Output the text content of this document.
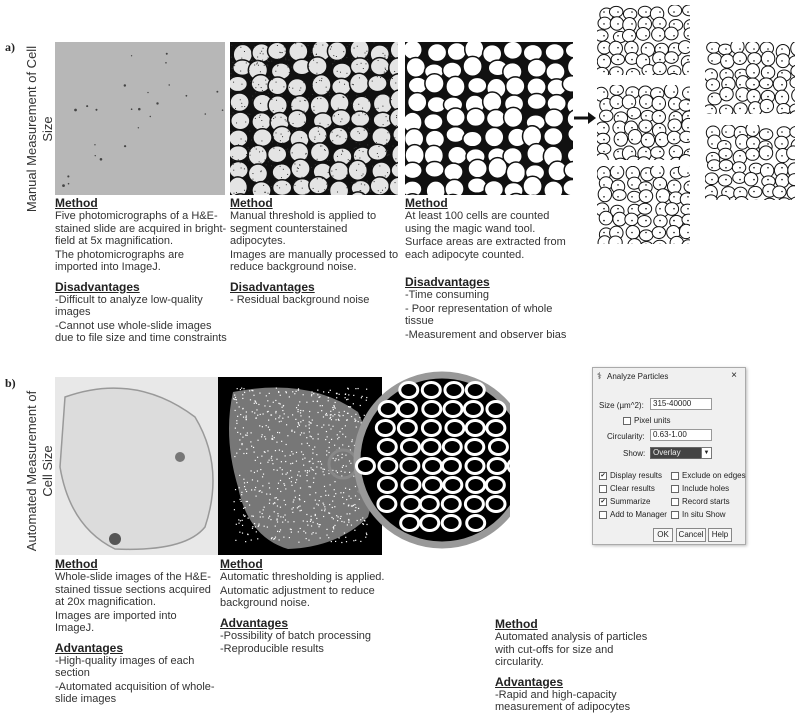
a) Manual Measurement of Cell Size
Method

Five photomicrographs of a H&E-stained slide are acquired in bright-field at 5x magnification.

The photomicrographs are imported into ImageJ.

Disadvantages

-Difficult to analyze low-quality images

-Cannot use whole-slide images due to file size and time constraints

Method

Manual threshold is applied to segment counterstained adipocytes.

Images are manually processed to reduce background noise.

Disadvantages

- Residual background noise

Method

At least 100 cells are counted using the magic wand tool.

Surface areas are extracted from each adipocyte counted.

Disadvantages

-Time consuming

- Poor representation of whole tissue

-Measurement and observer bias

b)
Automated Measurement of Cell Size
⚕ Analyze Particles	×
Size (µm^2):	315-40000
Pixel units
Circularity:	0.63-1.00
Show: Overlay	▼
✔ Display results	Exclude on edges
Clear results	Include holes
✔ Summarize	Record starts
Add to Manager	In situ Show
OK	Cancel	Help
Method

Whole-slide images of the H&E-stained tissue sections acquired at 20x magnification.

Images are imported into ImageJ.

Advantages

-High-quality images of each section

-Automated acquisition of whole-slide images

Method

Automatic thresholding is applied.

Automatic adjustment to reduce background noise.

Advantages

-Possibility of batch processing

-Reproducible results

Method

Automated analysis of particles with cut-offs for size and circularity.

Advantages

-Rapid and high-capacity measurement of adipocytes
